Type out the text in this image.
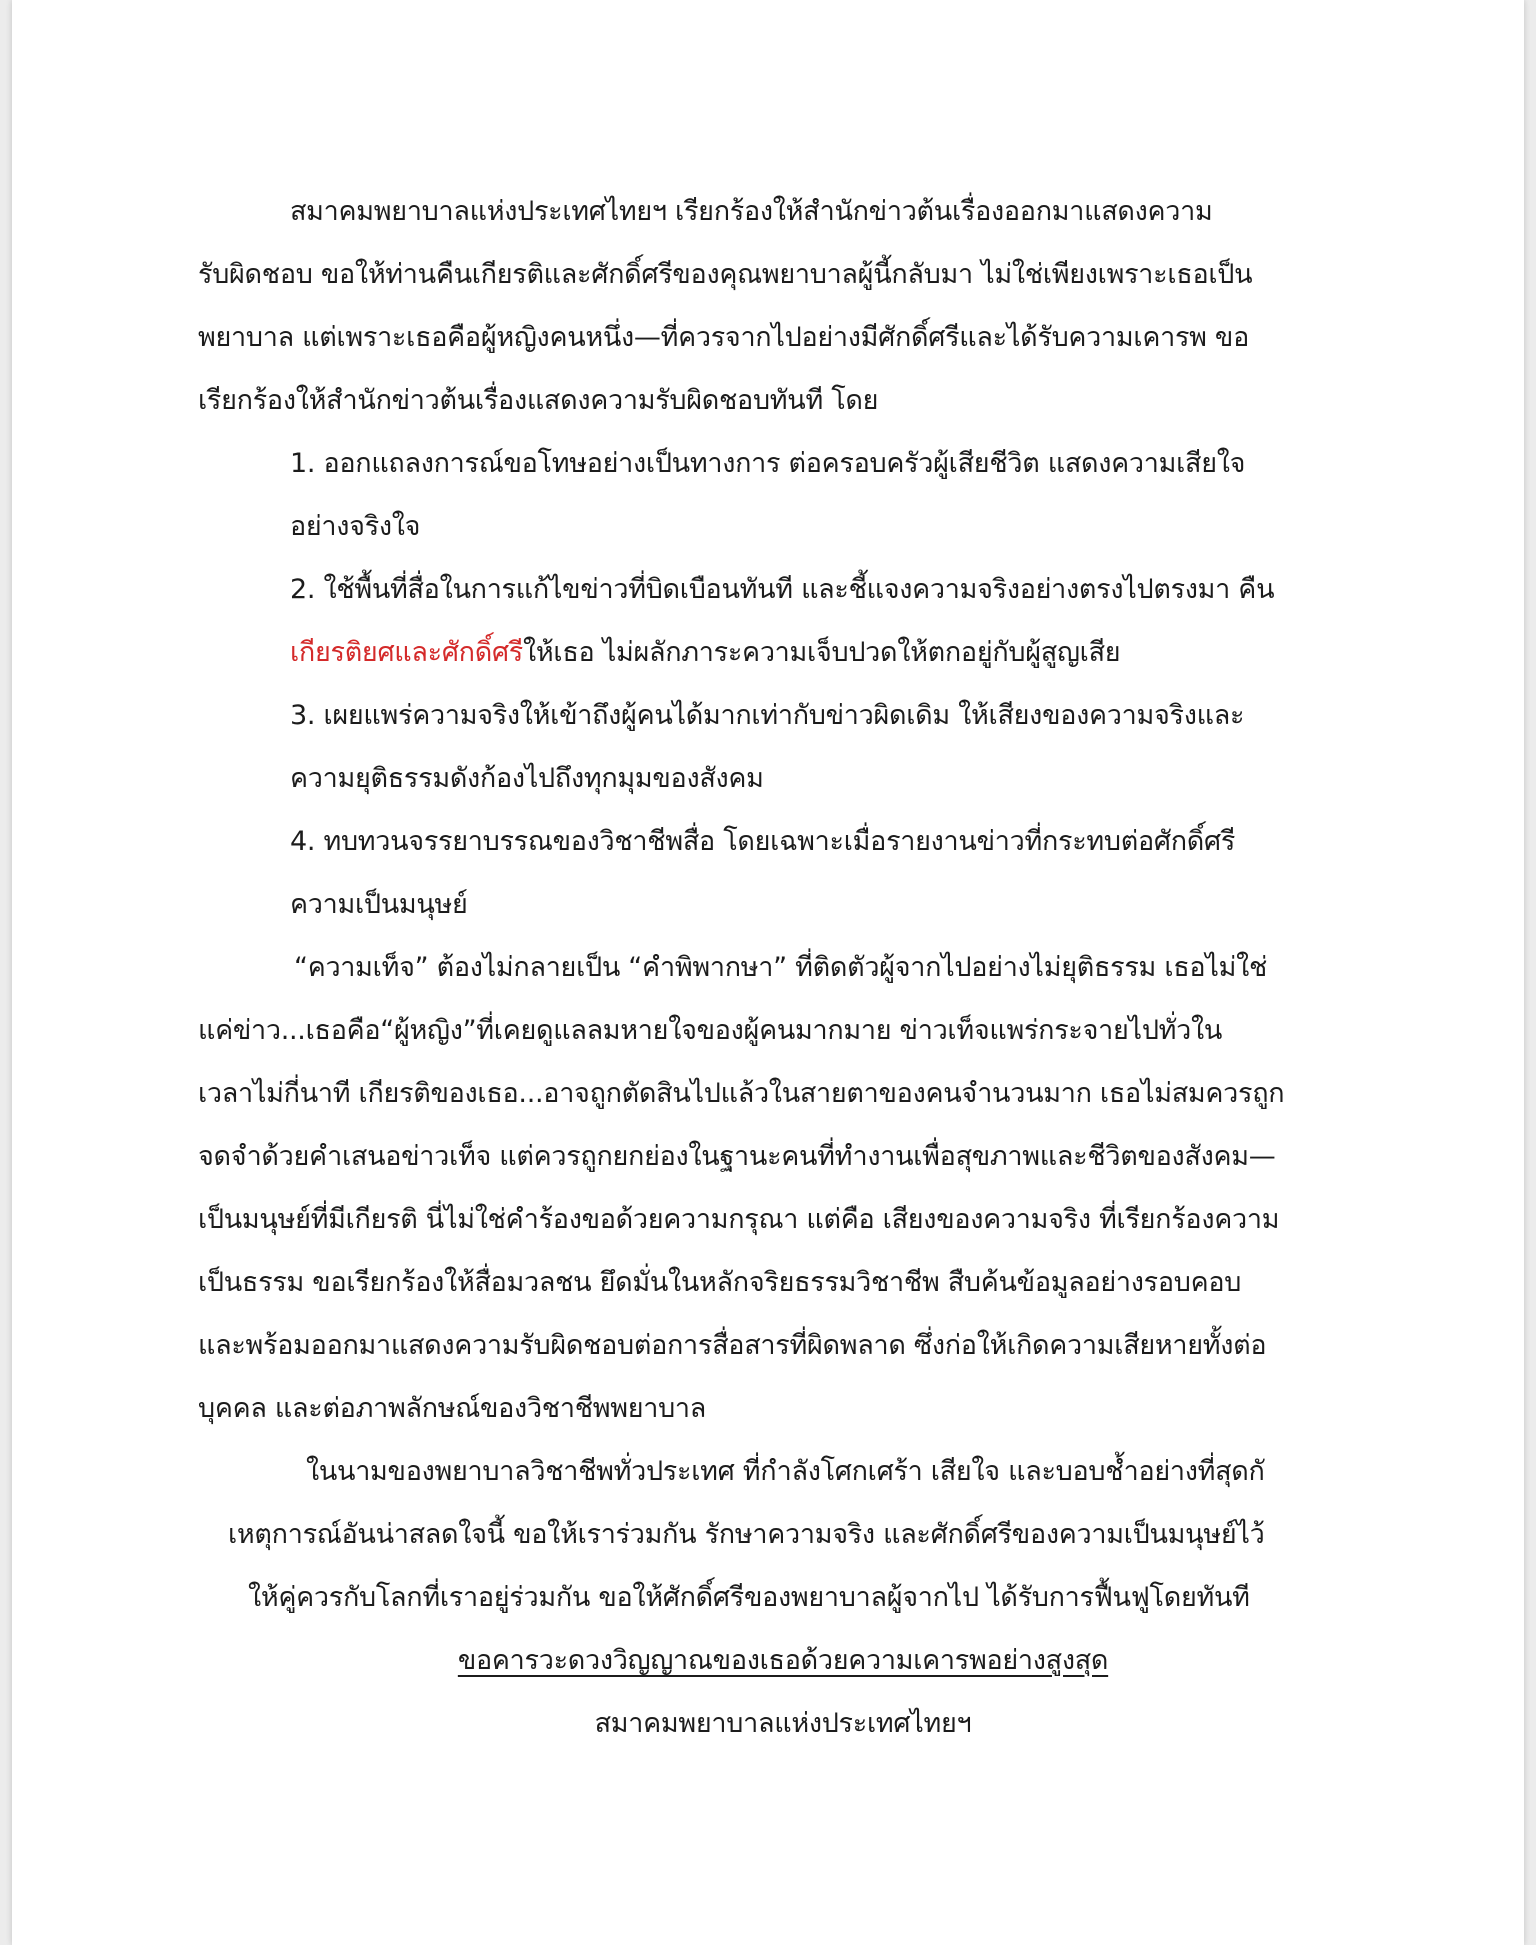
สมาคมพยาบาลแห่งประเทศไทยฯ เรียกร้องให้สำนักข่าวต้นเรื่องออกมาแสดงความ
รับผิดชอบ ขอให้ท่านคืนเกียรติและศักดิ์ศรีของคุณพยาบาลผู้นี้กลับมา ไม่ใช่เพียงเพราะเธอเป็น
พยาบาล แต่เพราะเธอคือผู้หญิงคนหนึ่ง—ที่ควรจากไปอย่างมีศักดิ์ศรีและได้รับความเคารพ ขอ
เรียกร้องให้สำนักข่าวต้นเรื่องแสดงความรับผิดชอบทันที โดย
1. ออกแถลงการณ์ขอโทษอย่างเป็นทางการ ต่อครอบครัวผู้เสียชีวิต แสดงความเสียใจ
อย่างจริงใจ
2. ใช้พื้นที่สื่อในการแก้ไขข่าวที่บิดเบือนทันที และชี้แจงความจริงอย่างตรงไปตรงมา คืน
เกียรติยศและศักดิ์ศรีให้เธอ ไม่ผลักภาระความเจ็บปวดให้ตกอยู่กับผู้สูญเสีย
3. เผยแพร่ความจริงให้เข้าถึงผู้คนได้มากเท่ากับข่าวผิดเดิม ให้เสียงของความจริงและ
ความยุติธรรมดังก้องไปถึงทุกมุมของสังคม
4. ทบทวนจรรยาบรรณของวิชาชีพสื่อ โดยเฉพาะเมื่อรายงานข่าวที่กระทบต่อศักดิ์ศรี
ความเป็นมนุษย์
“ความเท็จ” ต้องไม่กลายเป็น “คำพิพากษา” ที่ติดตัวผู้จากไปอย่างไม่ยุติธรรม เธอไม่ใช่
แค่ข่าว...เธอคือ“ผู้หญิง”ที่เคยดูแลลมหายใจของผู้คนมากมาย ข่าวเท็จแพร่กระจายไปทั่วใน
เวลาไม่กี่นาที เกียรติของเธอ...อาจถูกตัดสินไปแล้วในสายตาของคนจำนวนมาก เธอไม่สมควรถูก
จดจำด้วยคำเสนอข่าวเท็จ แต่ควรถูกยกย่องในฐานะคนที่ทำงานเพื่อสุขภาพและชีวิตของสังคม—
เป็นมนุษย์ที่มีเกียรติ นี่ไม่ใช่คำร้องขอด้วยความกรุณา แต่คือ เสียงของความจริง ที่เรียกร้องความ
เป็นธรรม ขอเรียกร้องให้สื่อมวลชน ยึดมั่นในหลักจริยธรรมวิชาชีพ สืบค้นข้อมูลอย่างรอบคอบ
และพร้อมออกมาแสดงความรับผิดชอบต่อการสื่อสารที่ผิดพลาด ซึ่งก่อให้เกิดความเสียหายทั้งต่อ
บุคคล และต่อภาพลักษณ์ของวิชาชีพพยาบาล
ในนามของพยาบาลวิชาชีพทั่วประเทศ ที่กำลังโศกเศร้า เสียใจ และบอบช้ำอย่างที่สุดกั
เหตุการณ์อันน่าสลดใจนี้ ขอให้เราร่วมกัน รักษาความจริง และศักดิ์ศรีของความเป็นมนุษย์ไว้
ให้คู่ควรกับโลกที่เราอยู่ร่วมกัน ขอให้ศักดิ์ศรีของพยาบาลผู้จากไป ได้รับการฟื้นฟูโดยทันที
ขอคารวะดวงวิญญาณของเธอด้วยความเคารพอย่างสูงสุด
สมาคมพยาบาลแห่งประเทศไทยฯ
